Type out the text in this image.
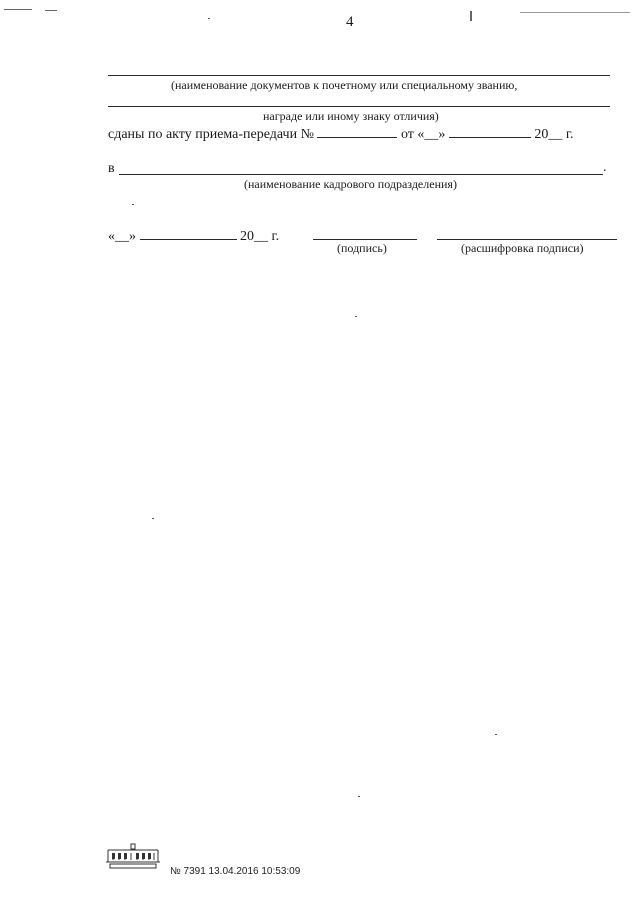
4
(наименование документов к почетному или специальному званию,
награде или иному знаку отличия)
сданы по акту приема-передачи №	от «__»	20__ г.
в	.
(наименование кадрового подразделения)
«__»	20__ г.
(подпись)	(расшифровка подписи)
№ 7391 13.04.2016 10:53:09
